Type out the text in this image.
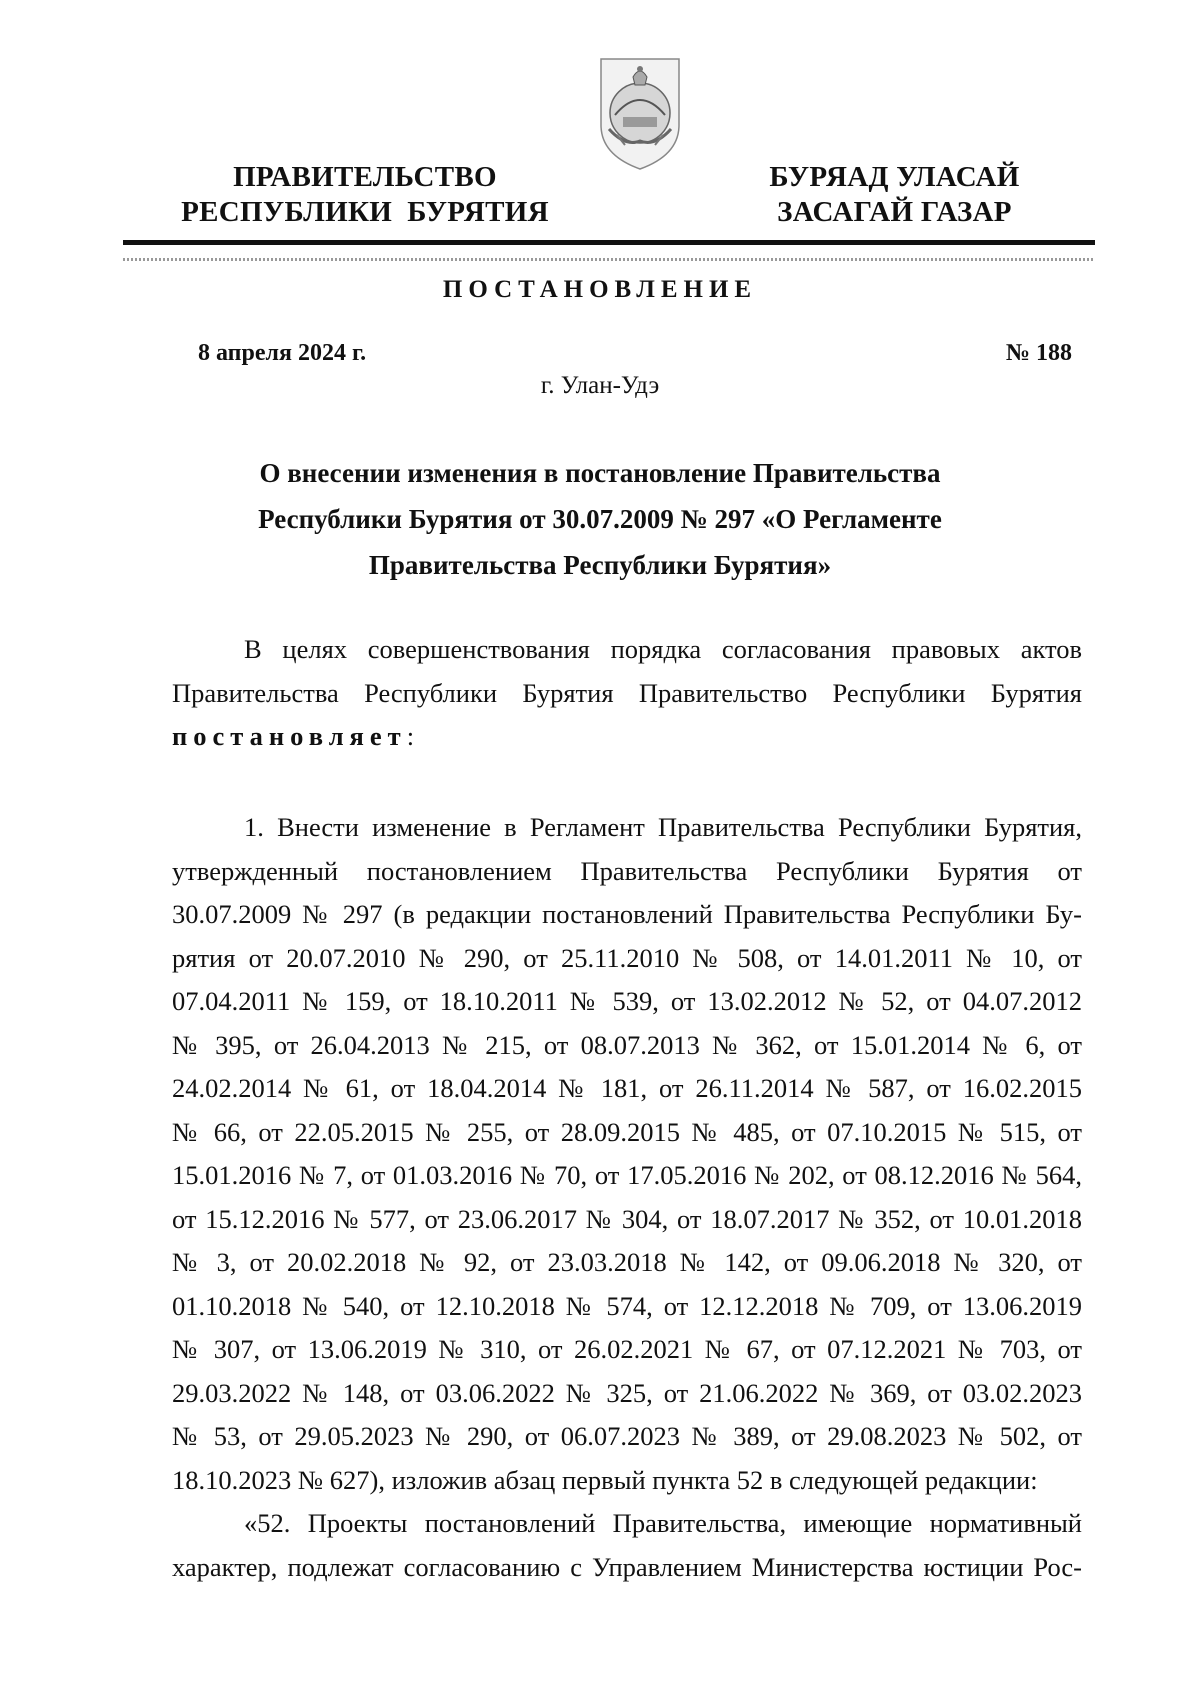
ПРАВИТЕЛЬСТВО
РЕСПУБЛИКИ  БУРЯТИЯ
БУРЯАД УЛАСАЙ
ЗАСАГАЙ ГАЗАР
ПОСТАНОВЛЕНИЕ
8 апреля 2024 г.	№ 188
г. Улан-Удэ
О внесении изменения в постановление Правительства
Республики Бурятия от 30.07.2009 № 297 «О Регламенте
Правительства Республики Бурятия»
В целях совершенствования порядка согласования правовых актов
Правительства Республики Бурятия Правительство Республики Бурятия
постановляет:
1. Внести изменение в Регламент Правительства Республики Бурятия,
утвержденный постановлением Правительства Республики Бурятия от
30.07.2009 № 297 (в редакции постановлений Правительства Республики Бу-
рятия от 20.07.2010 № 290, от 25.11.2010 № 508, от 14.01.2011 № 10, от
07.04.2011 № 159, от 18.10.2011 № 539, от 13.02.2012 № 52, от 04.07.2012
№ 395, от 26.04.2013 № 215, от 08.07.2013 № 362, от 15.01.2014 № 6, от
24.02.2014 № 61, от 18.04.2014 № 181, от 26.11.2014 № 587, от 16.02.2015
№ 66, от 22.05.2015 № 255, от 28.09.2015 № 485, от 07.10.2015 № 515, от
15.01.2016 № 7, от 01.03.2016 № 70, от 17.05.2016 № 202, от 08.12.2016 № 564,
от 15.12.2016 № 577, от 23.06.2017 № 304, от 18.07.2017 № 352, от 10.01.2018
№ 3, от 20.02.2018 № 92, от 23.03.2018 № 142, от 09.06.2018 № 320, от
01.10.2018 № 540, от 12.10.2018 № 574, от 12.12.2018 № 709, от 13.06.2019
№ 307, от 13.06.2019 № 310, от 26.02.2021 № 67, от 07.12.2021 № 703, от
29.03.2022 № 148, от 03.06.2022 № 325, от 21.06.2022 № 369, от 03.02.2023
№ 53, от 29.05.2023 № 290, от 06.07.2023 № 389, от 29.08.2023 № 502, от
18.10.2023 № 627), изложив абзац первый пункта 52 в следующей редакции:
«52. Проекты постановлений Правительства, имеющие нормативный
характер, подлежат согласованию с Управлением Министерства юстиции Рос-
